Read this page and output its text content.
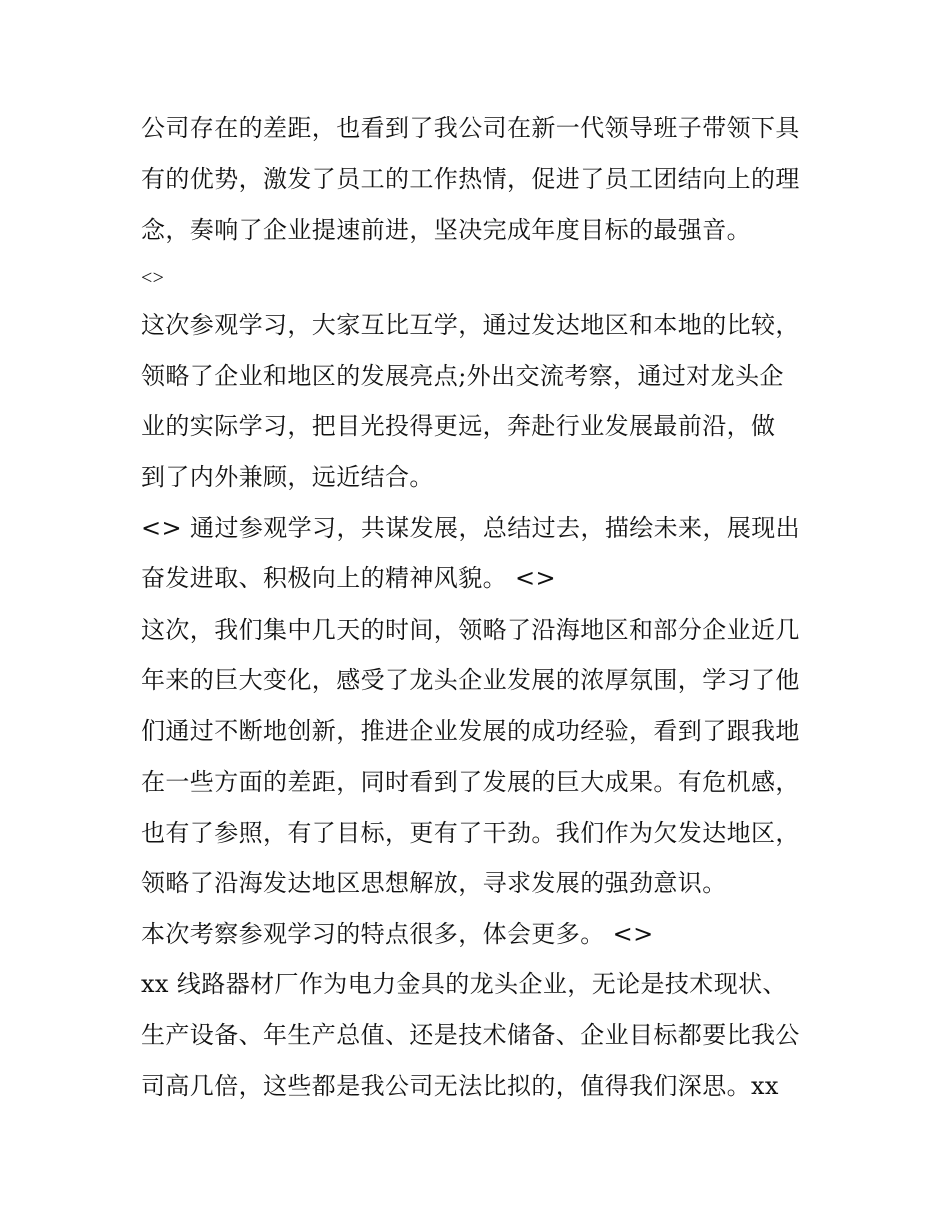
公司存在的差距，也看到了我公司在新一代领导班子带领下具
有的优势，激发了员工的工作热情，促进了员工团结向上的理
念，奏响了企业提速前进，坚决完成年度目标的最强音。
<>
这次参观学习，大家互比互学，通过发达地区和本地的比较，
领略了企业和地区的发展亮点;外出交流考察，通过对龙头企
业的实际学习，把目光投得更远，奔赴行业发展最前沿，做
到了内外兼顾，远近结合。
<> 通过参观学习，共谋发展，总结过去，描绘未来，展现出
奋发进取、积极向上的精神风貌。 <>
这次，我们集中几天的时间，领略了沿海地区和部分企业近几
年来的巨大变化，感受了龙头企业发展的浓厚氛围，学习了他
们通过不断地创新，推进企业发展的成功经验，看到了跟我地
在一些方面的差距，同时看到了发展的巨大成果。有危机感，
也有了参照，有了目标，更有了干劲。我们作为欠发达地区，
领略了沿海发达地区思想解放，寻求发展的强劲意识。
本次考察参观学习的特点很多，体会更多。 <>
xx 线路器材厂作为电力金具的龙头企业，无论是技术现状、
生产设备、年生产总值、还是技术储备、企业目标都要比我公
司高几倍，这些都是我公司无法比拟的，值得我们深思。xx
